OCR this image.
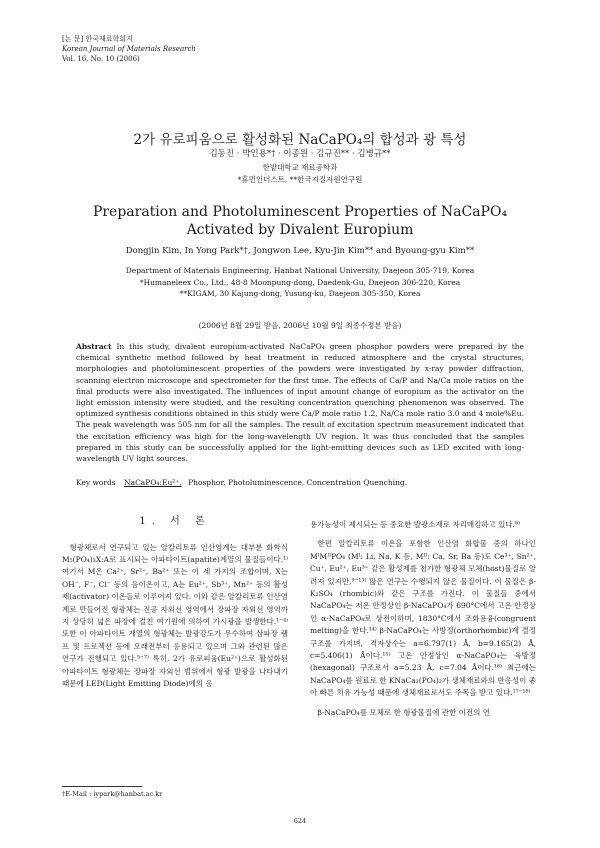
[논 문] 한국재료학회지
Korean Journal of Materials Research
Vol. 16, No. 10 (2006)
2가 유로피움으로 활성화된 NaCaPO₄의 합성과 광 특성
김동진 · 박인용*† · 이종원 · 김규진** · 김병규**
한밭대학교 재료공학과
*휴먼인더스트, **한국지질자원연구원
Preparation and Photoluminescent Properties of NaCaPO₄
Activated by Divalent Europium
Dongjin Kim, In Yong Park*†, Jongwon Lee, Kyu-Jin Kim** and Byoung-gyu Kim**
Department of Materials Engineering, Hanbat National University, Daejeon 305-719, Korea
*Humaneleex Co., Ltd., 48-8 Moonpung-dong, Daedeok-Gu, Daejeon 306-220, Korea
**KIGAM, 30 Kajung-dong, Yusung-ku, Daejeon 305-350, Korea
(2006년 8월 29일 받음, 2006년 10월 9일 최종수정본 받음)
Abstract In this study, divalent europium-activated NaCaPO₄ green phosphor powders were prepared by the chemical synthetic method followed by heat treatment in reduced atmosphere and the crystal structures, morphologies and photoluminescent properties of the powders were investigated by x-ray powder diffraction, scanning electron microscope and spectrometer for the first time. The effects of Ca/P and Na/Ca mole ratios on the final products were also investigated. The influences of input amount change of europium as the activator on the light emission intensity were studied, and the resulting concentration quenching phenomenon was observed. The optimized synthesis conditions obtained in this study were Ca/P mole ratio 1.2, Na/Ca mole ratio 3.0 and 4 mole%Eu. The peak wavelength was 505 nm for all the samples. The result of excitation spectrum measurement indicated that the excitation efficiency was high for the long-wavelength UV region. It was thus concluded that the samples prepared in this study can be successfully applied for the light-emitting devices such as LED excited with long-wavelength UV light sources.
Key words NaCaPO₄:Eu²⁺, Phosphor, Photoluminescence, Concentration Quenching.
1. 서 론

형광체로서 연구되고 있는 알칼리토류 인산염계는 대부분 화학식 M₅(PO₄)₃X:A로 표시되는 아파타이트(apatite)계열의 물질들이다.¹⁾ 여기서 M은 Ca²⁺, Sr²⁺, Ba²⁺ 또는 이 세 가지의 조합이며, X는 OH⁻, F⁻, Cl⁻ 등의 음이온이고, A는 Eu²⁺, Sb³⁺, Mn²⁺ 등의 활성제(activator) 이온들로 이루어져 있다. 이와 같은 알칼리토류 인산염계로 만들어진 형광체는 진공 자외선 영역에서 장파장 자외선 영역까지 상당히 넓은 파장에 걸친 여기원에 의하여 가시광을 발생한다.¹⁻⁴⁾ 또한 이 아파타이트 계열의 형광체는 발광강도가 우수하여 삼파장 램프 및 프로젝션 등에 오래전부터 응용되고 있으며 그와 관련된 많은 연구가 진행되고 있다.⁵⁻⁷⁾ 특히, 2가 유로피움(Eu²⁺)으로 활성화된 아파타이트 형광체는 장파장 자외선 범위에서 형광 발광을 나타내기 때문에 LED(Light Emitting Diode)에의 응

용가능성이 제시되는 등 중요한 발광소재로 자리매김하고 있다.⁸⁾

한편 알칼리토류 이온을 포함한 인산염 화합물 중의 하나인 MᴵMᴵᴵPO₄ (Mᴵ: Li, Na, K 등, Mᴵᴵ: Ca, Sr, Ba 등)도 Ce³⁺, Sn²⁺, Cu⁺, Eu²⁺, Eu³⁺ 같은 활성제를 첨가한 형광체 모체(host)물질로 알려져 있지만,⁹⁻¹³⁾ 많은 연구는 수행되지 않은 물질이다. 이 물질은 β-K₂SO₄ (rhombic)와 같은 구조를 가진다. 이 물질들 중에서 NaCaPO₄는 저온 안정상인 β-NaCaPO₄가 690°C에서 고온 안정상인 α-NaCaPO₄로 상전이하며, 1830°C에서 조화용융(congruent melting)을 한다.¹⁴⁾ β-NaCaPO₄는 사방정(orthorhombic)계 결정구조를 가지며, 격자상수는 a=6.797(1) Å, b=9.165(2) Å, c=5.406(1) Å이다.¹⁵⁾ 고온 안정상인 α-NaCaPO₄는 육방정(hexagonal) 구조로서 a=5.23 Å, c=7.04 Å이다.¹⁶⁾ 최근에는 NaCaPO₄를 원료로 한 KNaCa₂(PO₄)₂가 생체재료와의 반응성이 좋아 빠른 치유 가능성 때문에 생체재료로서도 주목을 받고 있다.¹⁷⁻¹⁸⁾

β-NaCaPO₄를 모체로 한 형광물질에 관한 이전의 연

†E-Mail : iypark@hanbat.ac.kr
624
